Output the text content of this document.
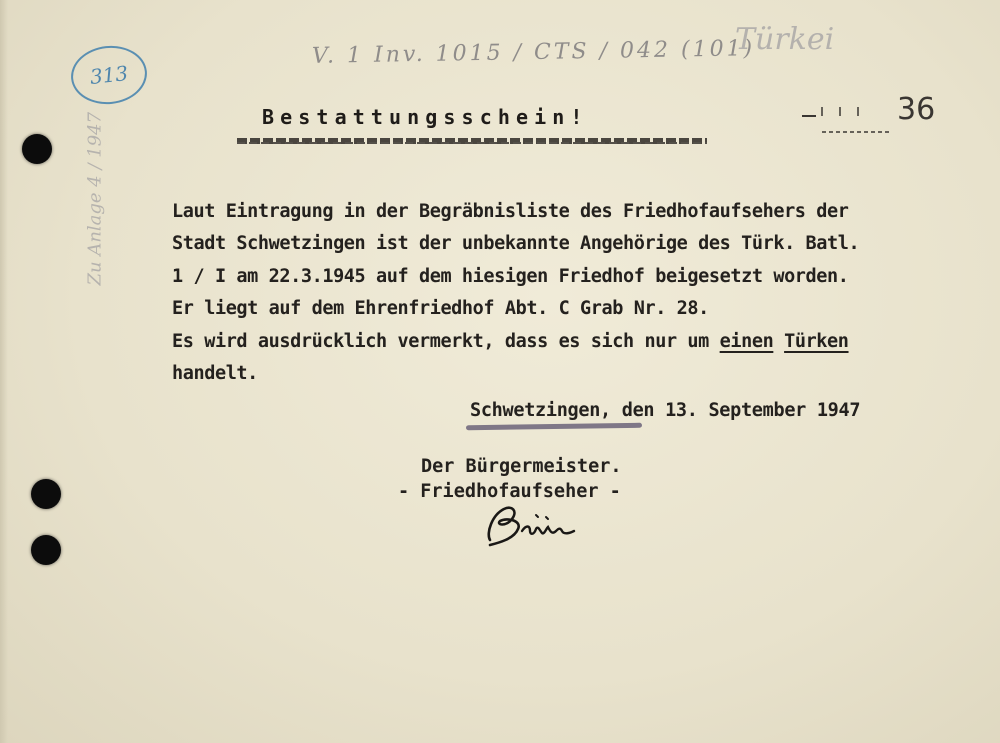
Zu Anlage 4 / 1947
313
V. 1 Inv. 1015 / CTS / 042 (101)
Türkei
36
Bestattungsschein!
Laut Eintragung in der Begräbnisliste des Friedhofaufsehers der
Stadt Schwetzingen ist der unbekannte Angehörige des Türk. Batl.
1 / I am 22.3.1945 auf dem hiesigen Friedhof beigesetzt worden.
Er liegt auf dem Ehrenfriedhof Abt. C Grab Nr. 28.
Es wird ausdrücklich vermerkt, dass es sich nur um einen Türken
handelt.
Schwetzingen, den 13. September 1947
Der Bürgermeister.
- Friedhofaufseher -
